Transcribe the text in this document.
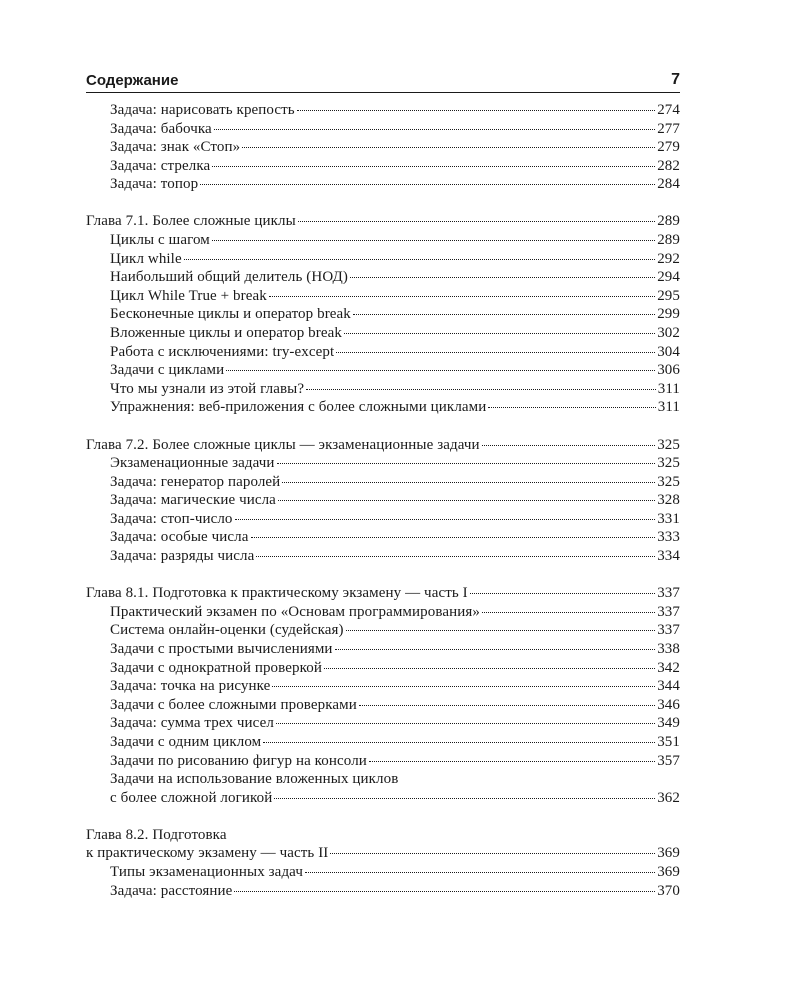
Содержание	7
Задача: нарисовать крепость	274
Задача: бабочка	277
Задача: знак «Стоп»	279
Задача: стрелка	282
Задача: топор	284
Глава 7.1. Более сложные циклы	289
Циклы с шагом	289
Цикл while	292
Наибольший общий делитель (НОД)	294
Цикл While True + break	295
Бесконечные циклы и оператор break	299
Вложенные циклы и оператор break	302
Работа с исключениями: try-except	304
Задачи с циклами	306
Что мы узнали из этой главы?	311
Упражнения: веб-приложения с более сложными циклами	311
Глава 7.2. Более сложные циклы — экзаменационные задачи	325
Экзаменационные задачи	325
Задача: генератор паролей	325
Задача: магические числа	328
Задача: стоп-число	331
Задача: особые числа	333
Задача: разряды числа	334
Глава 8.1. Подготовка к практическому экзамену — часть I	337
Практический экзамен по «Основам программирования»	337
Система онлайн-оценки (судейская)	337
Задачи с простыми вычислениями	338
Задачи с однократной проверкой	342
Задача: точка на рисунке	344
Задачи с более сложными проверками	346
Задача: сумма трех чисел	349
Задачи с одним циклом	351
Задачи по рисованию фигур на консоли	357
Задачи на использование вложенных циклов
с более сложной логикой	362
Глава 8.2. Подготовка
к практическому экзамену — часть II	369
Типы экзаменационных задач	369
Задача: расстояние	370
